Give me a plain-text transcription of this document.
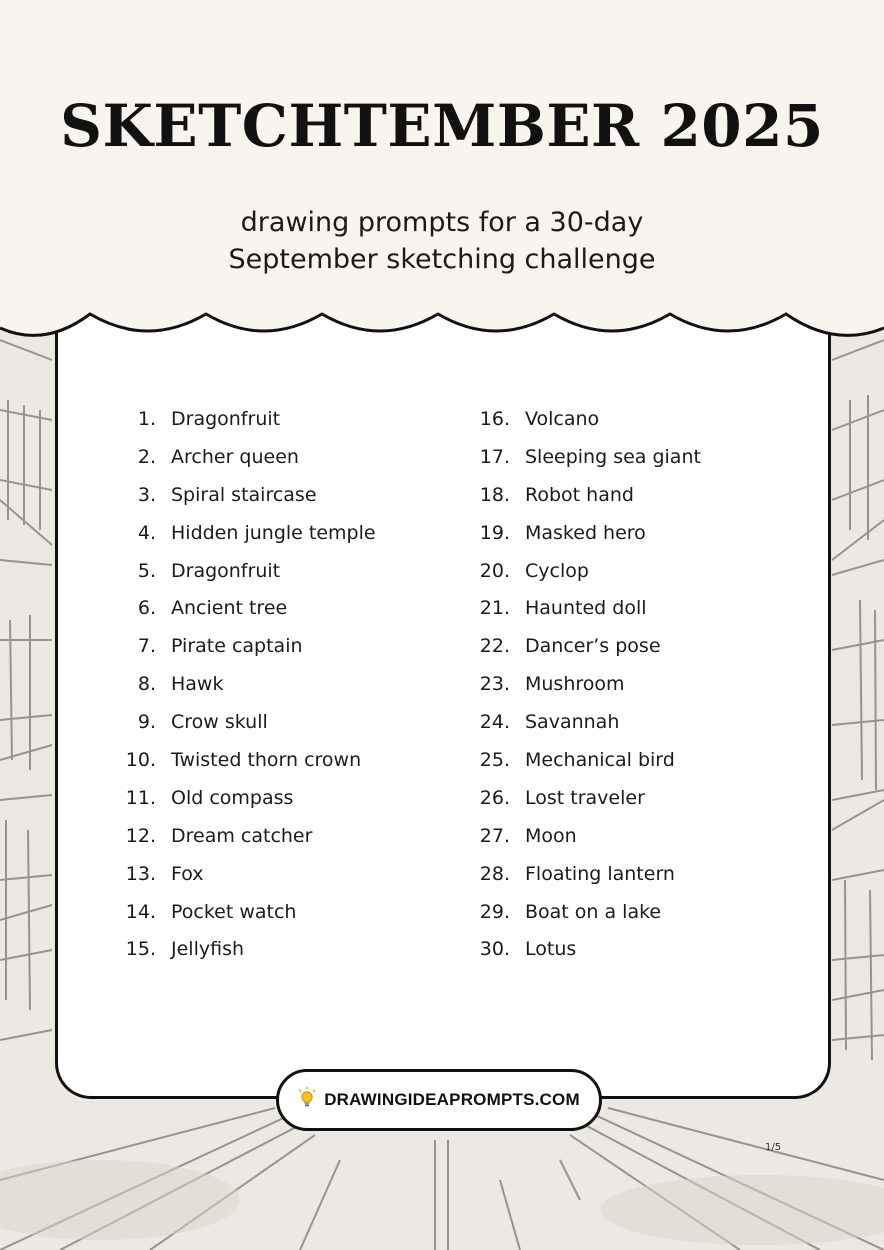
SKETCHTEMBER 2025
drawing prompts for a 30-day
September sketching challenge
1. Dragonfruit
2. Archer queen
3. Spiral staircase
4. Hidden jungle temple
5. Dragonfruit
6. Ancient tree
7. Pirate captain
8. Hawk
9. Crow skull
10. Twisted thorn crown
11. Old compass
12. Dream catcher
13. Fox
14. Pocket watch
15. Jellyfish
16. Volcano
17. Sleeping sea giant
18. Robot hand
19. Masked hero
20. Cyclop
21. Haunted doll
22. Dancer’s pose
23. Mushroom
24. Savannah
25. Mechanical bird
26. Lost traveler
27. Moon
28. Floating lantern
29. Boat on a lake
30. Lotus
DRAWINGIDEAPROMPTS.COM
1/5
